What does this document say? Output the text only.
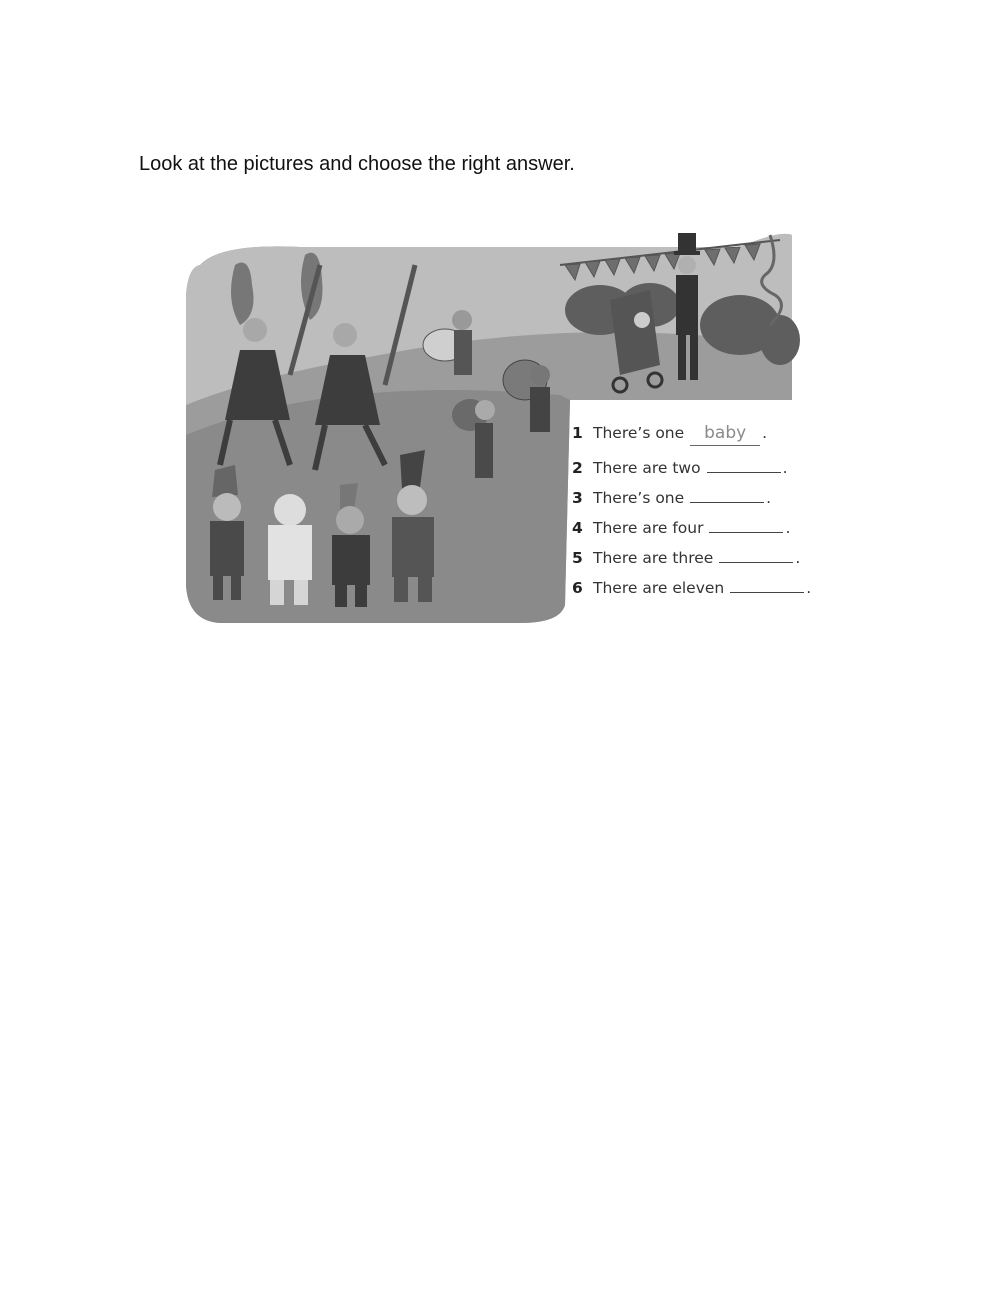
Look at the pictures and choose the right answer.

1 There’s one	baby	.
2 There are two	.
3 There’s one	.
4 There are four	.
5 There are three	.
6 There are eleven	.
